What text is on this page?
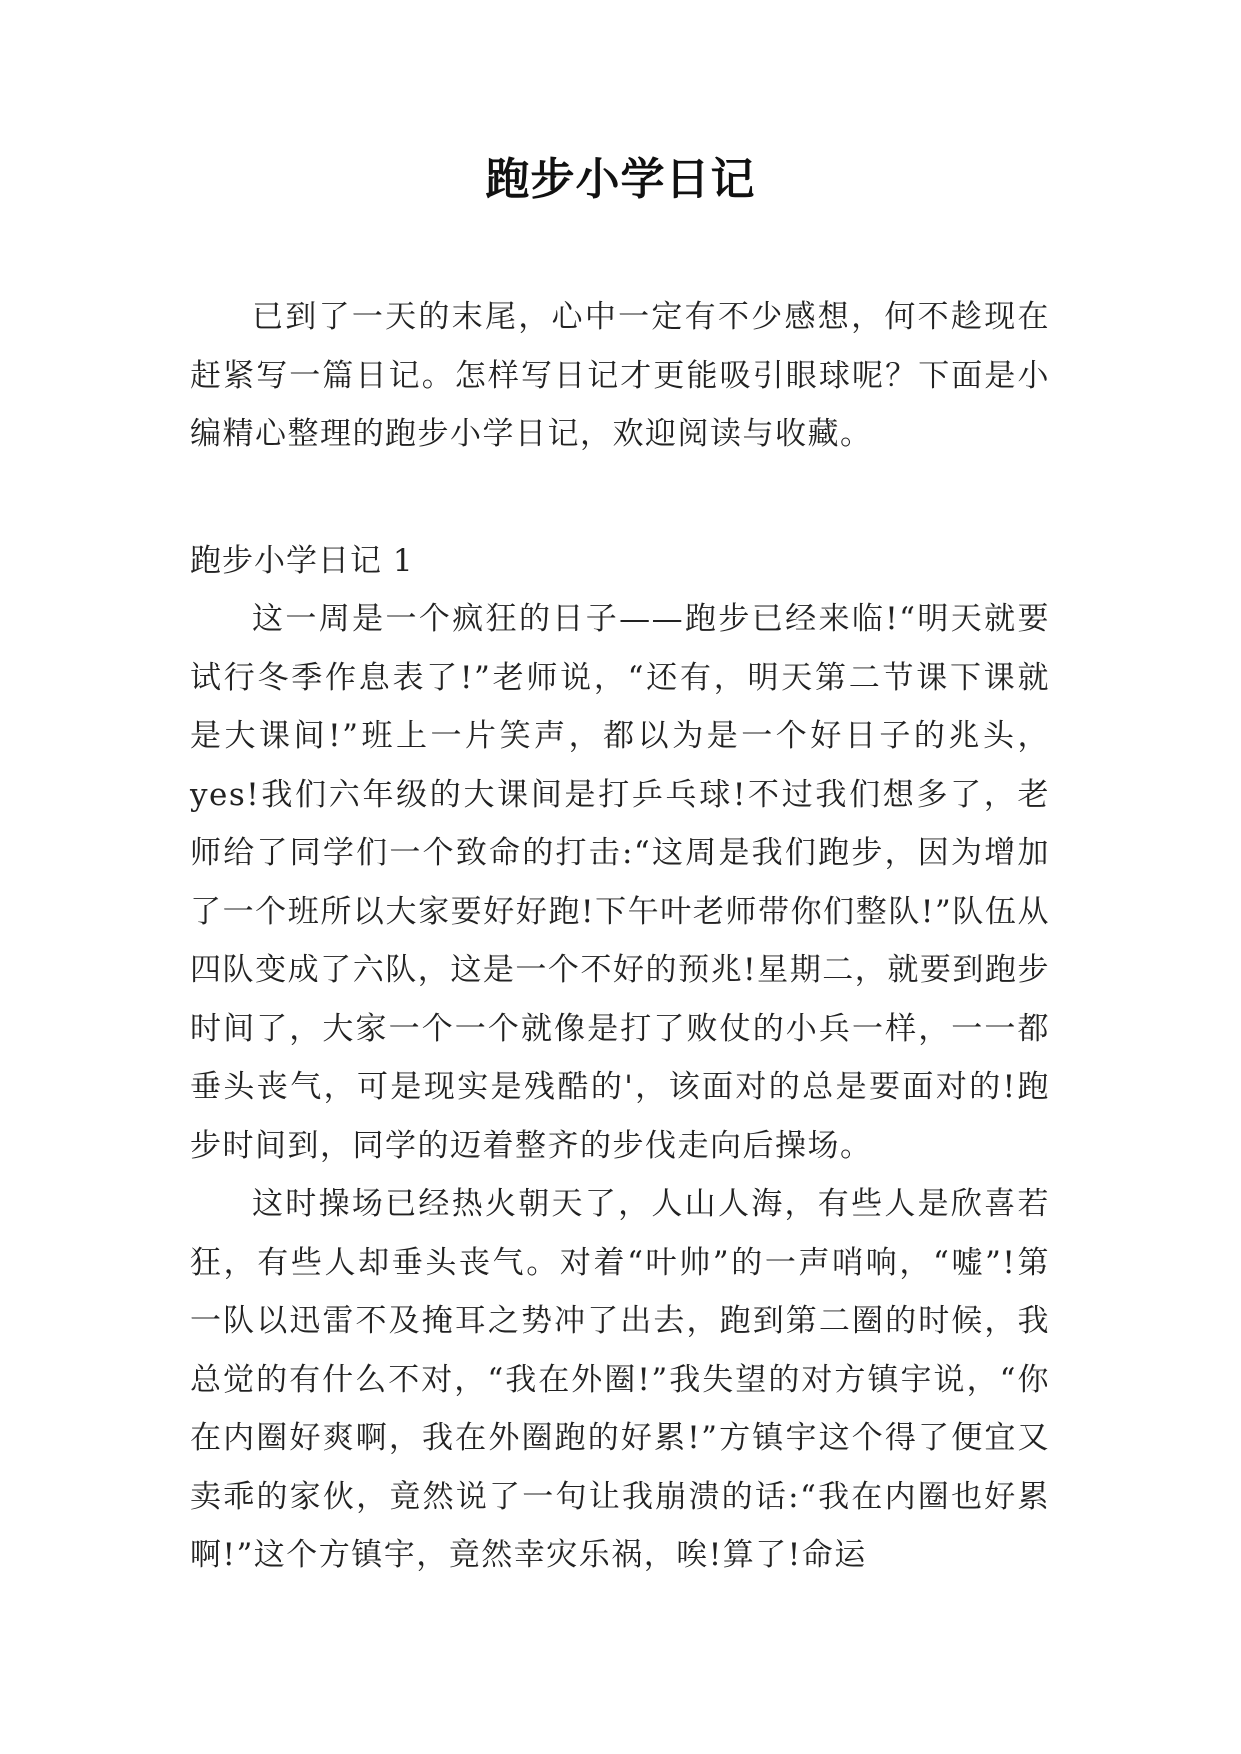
跑步小学日记

已到了一天的末尾，心中一定有不少感想，何不趁现在赶紧写一篇日记。怎样写日记才更能吸引眼球呢？下面是小编精心整理的跑步小学日记，欢迎阅读与收藏。

跑步小学日记 1

这一周是一个疯狂的日子——跑步已经来临!“明天就要试行冬季作息表了!”老师说，“还有，明天第二节课下课就是大课间!”班上一片笑声，都以为是一个好日子的兆头，yes!我们六年级的大课间是打乒乓球!不过我们想多了，老师给了同学们一个致命的打击:“这周是我们跑步，因为增加了一个班所以大家要好好跑!下午叶老师带你们整队!”队伍从四队变成了六队，这是一个不好的预兆!星期二，就要到跑步时间了，大家一个一个就像是打了败仗的小兵一样，一一都垂头丧气，可是现实是残酷的'，该面对的总是要面对的!跑步时间到，同学的迈着整齐的步伐走向后操场。

这时操场已经热火朝天了，人山人海，有些人是欣喜若狂，有些人却垂头丧气。对着“叶帅”的一声哨响，“嘘”!第一队以迅雷不及掩耳之势冲了出去，跑到第二圈的时候，我总觉的有什么不对，“我在外圈!”我失望的对方镇宇说，“你在内圈好爽啊，我在外圈跑的好累!”方镇宇这个得了便宜又卖乖的家伙，竟然说了一句让我崩溃的话:“我在内圈也好累啊!”这个方镇宇，竟然幸灾乐祸，唉!算了!命运
